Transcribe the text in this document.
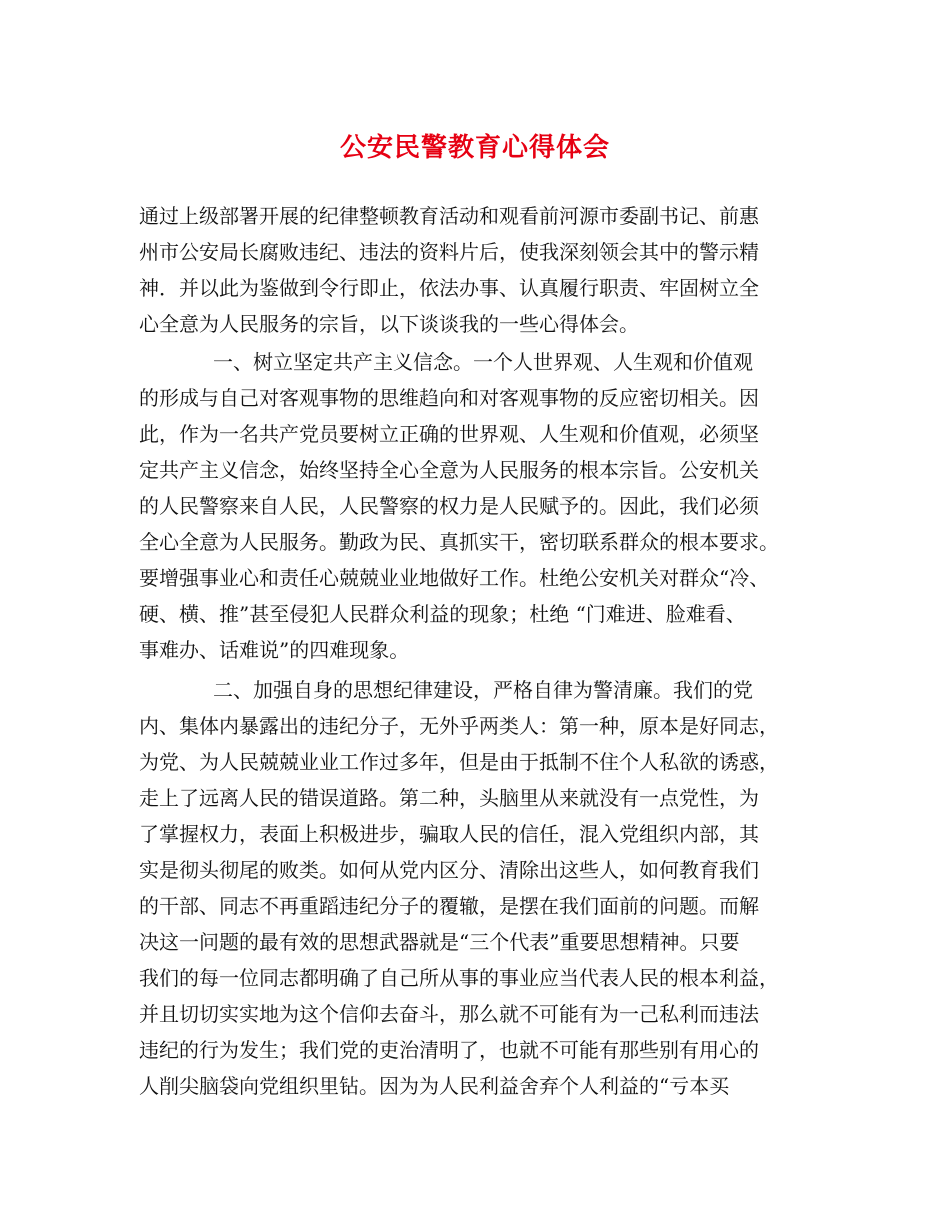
公安民警教育心得体会
通过上级部署开展的纪律整顿教育活动和观看前河源市委副书记、前惠
州市公安局长腐败违纪、违法的资料片后，使我深刻领会其中的警示精
神．并以此为鉴做到令行即止，依法办事、认真履行职责、牢固树立全
心全意为人民服务的宗旨，以下谈谈我的一些心得体会。
一、树立坚定共产主义信念。一个人世界观、人生观和价值观
的形成与自己对客观事物的思维趋向和对客观事物的反应密切相关。因
此，作为一名共产党员要树立正确的世界观、人生观和价值观，必须坚
定共产主义信念，始终坚持全心全意为人民服务的根本宗旨。公安机关
的人民警察来自人民，人民警察的权力是人民赋予的。因此，我们必须
全心全意为人民服务。勤政为民、真抓实干，密切联系群众的根本要求。
要增强事业心和责任心兢兢业业地做好工作。杜绝公安机关对群众“冷、
硬、横、推”甚至侵犯人民群众利益的现象；杜绝 “门难进、脸难看、
事难办、话难说”的四难现象。
二、加强自身的思想纪律建设，严格自律为警清廉。我们的党
内、集体内暴露出的违纪分子，无外乎两类人：第一种，原本是好同志，
为党、为人民兢兢业业工作过多年，但是由于抵制不住个人私欲的诱惑，
走上了远离人民的错误道路。第二种，头脑里从来就没有一点党性，为
了掌握权力，表面上积极进步，骗取人民的信任，混入党组织内部，其
实是彻头彻尾的败类。如何从党内区分、清除出这些人，如何教育我们
的干部、同志不再重蹈违纪分子的覆辙，是摆在我们面前的问题。而解
决这一问题的最有效的思想武器就是“三个代表”重要思想精神。只要
我们的每一位同志都明确了自己所从事的事业应当代表人民的根本利益，
并且切切实实地为这个信仰去奋斗，那么就不可能有为一己私利而违法
违纪的行为发生；我们党的吏治清明了，也就不可能有那些别有用心的
人削尖脑袋向党组织里钻。因为为人民利益舍弃个人利益的“亏本买
